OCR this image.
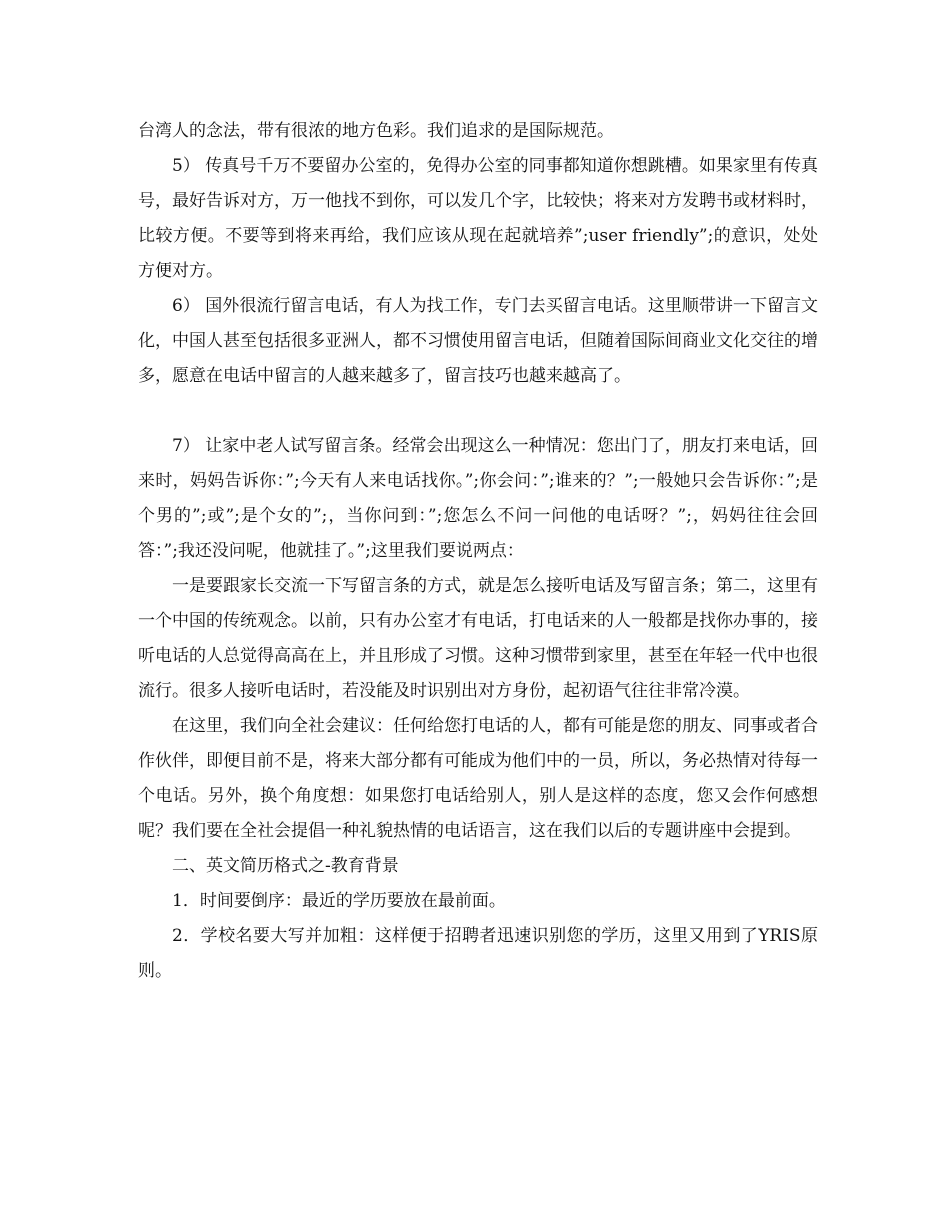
台湾人的念法，带有很浓的地方色彩。我们追求的是国际规范。

5） 传真号千万不要留办公室的，免得办公室的同事都知道你想跳槽。如果家里有传真号，最好告诉对方，万一他找不到你，可以发几个字，比较快；将来对方发聘书或材料时，比较方便。不要等到将来再给，我们应该从现在起就培养”;user friendly”;的意识，处处方便对方。

6） 国外很流行留言电话，有人为找工作，专门去买留言电话。这里顺带讲一下留言文化，中国人甚至包括很多亚洲人，都不习惯使用留言电话，但随着国际间商业文化交往的增多，愿意在电话中留言的人越来越多了，留言技巧也越来越高了。

7） 让家中老人试写留言条。经常会出现这么一种情况：您出门了，朋友打来电话，回来时，妈妈告诉你：”;今天有人来电话找你。”;你会问：”;谁来的？”;一般她只会告诉你：”;是个男的”;或”;是个女的”;，当你问到：”;您怎么不问一问他的电话呀？”;，妈妈往往会回答：”;我还没问呢，他就挂了。”;这里我们要说两点：

一是要跟家长交流一下写留言条的方式，就是怎么接听电话及写留言条；第二，这里有一个中国的传统观念。以前，只有办公室才有电话，打电话来的人一般都是找你办事的，接听电话的人总觉得高高在上，并且形成了习惯。这种习惯带到家里，甚至在年轻一代中也很流行。很多人接听电话时，若没能及时识别出对方身份，起初语气往往非常冷漠。

在这里，我们向全社会建议：任何给您打电话的人，都有可能是您的朋友、同事或者合作伙伴，即便目前不是，将来大部分都有可能成为他们中的一员，所以，务必热情对待每一个电话。另外，换个角度想：如果您打电话给别人，别人是这样的态度，您又会作何感想呢？我们要在全社会提倡一种礼貌热情的电话语言，这在我们以后的专题讲座中会提到。

二、英文简历格式之-教育背景

1．时间要倒序：最近的学历要放在最前面。

2．学校名要大写并加粗：这样便于招聘者迅速识别您的学历，这里又用到了YRIS原则。
